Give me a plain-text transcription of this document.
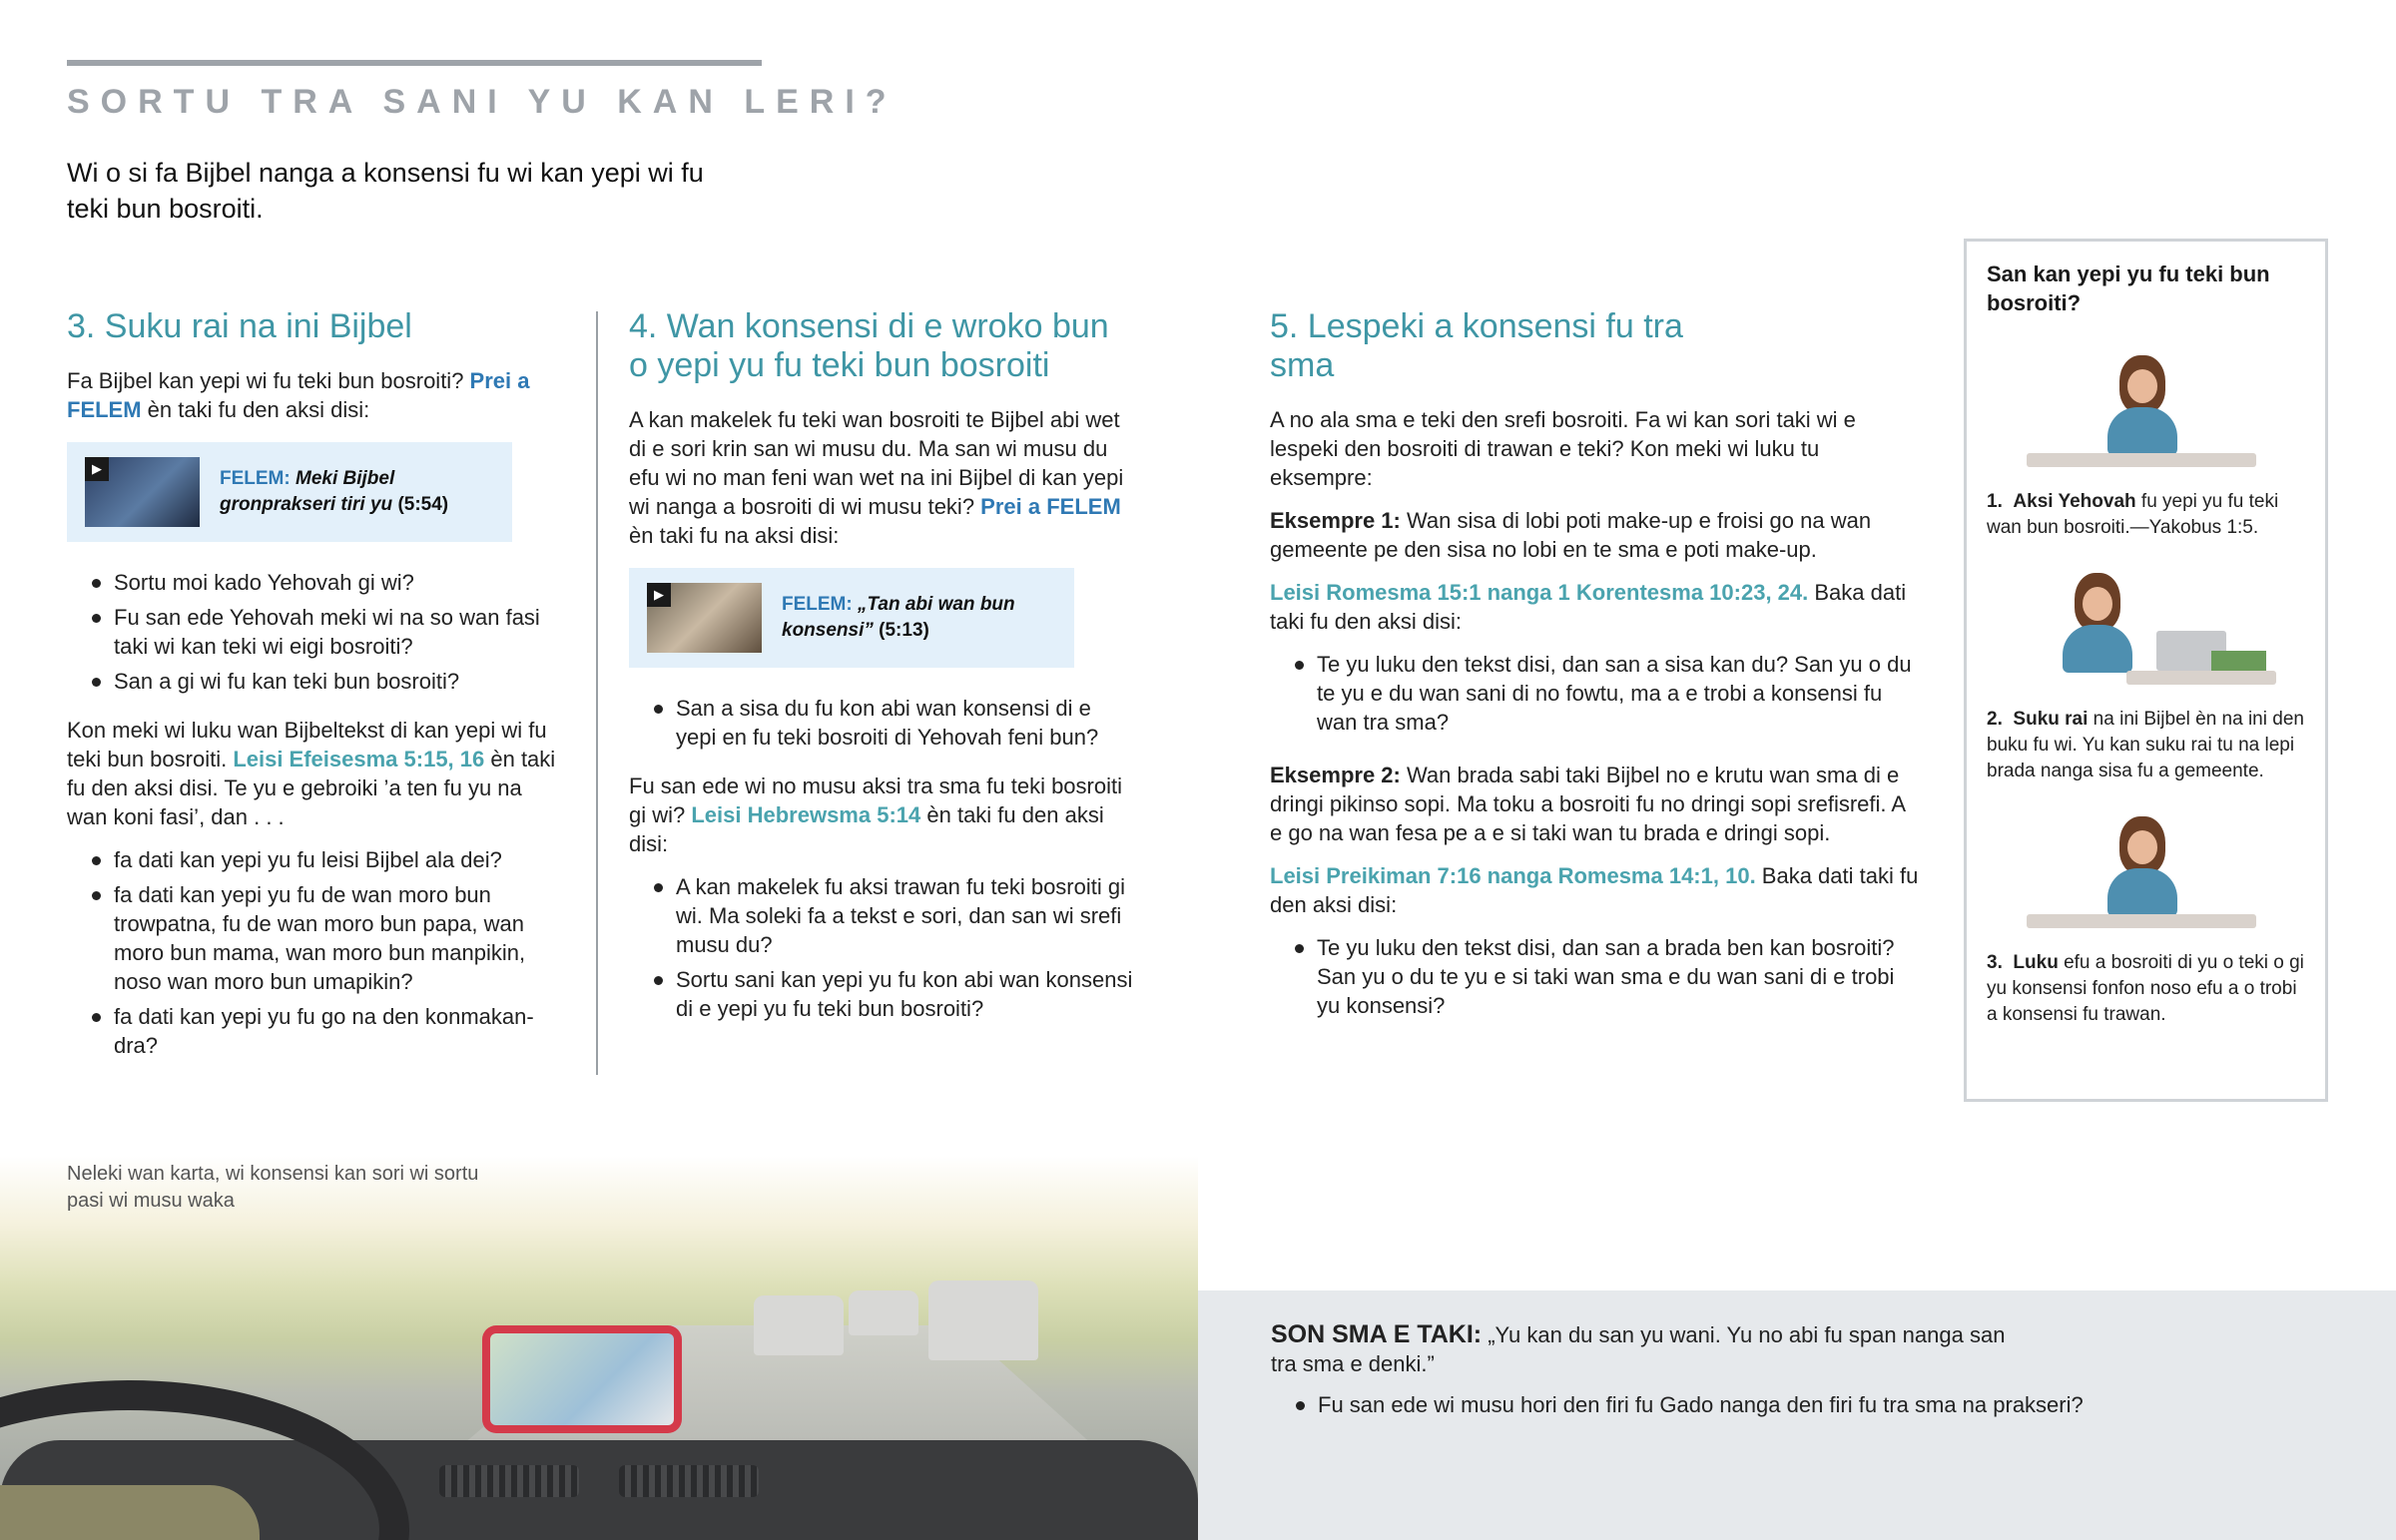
SORTU TRA SANI YU KAN LERI?
Wi o si fa Bijbel nanga a konsensi fu wi kan yepi wi fu teki bun bosroiti.
3. Suku rai na ini Bijbel

Fa Bijbel kan yepi wi fu teki bun bosroiti? Prei a FELEM èn taki fu den aksi disi:

▶	FELEM: Meki Bijbel gronprakseri tiri yu (5:54)
Sortu moi kado Yehovah gi wi?
Fu san ede Yehovah meki wi na so wan fasi taki wi kan teki wi eigi bosroiti?
San a gi wi fu kan teki bun bosroiti?

Kon meki wi luku wan Bijbeltekst di kan yepi wi fu teki bun bosroiti. Leisi Efeisesma 5:15, 16 èn taki fu den aksi disi. Te yu e gebroiki ’a ten fu yu na wan koni fasi’, dan . . .

fa dati kan yepi yu fu leisi Bijbel ala dei?
fa dati kan yepi yu fu de wan moro bun trowpatna, fu de wan moro bun papa, wan moro bun mama, wan moro bun manpikin, noso wan moro bun umapikin?
fa dati kan yepi yu fu go na den konmakandra?
4. Wan konsensi di e wroko bun o yepi yu fu teki bun bosroiti

A kan makelek fu teki wan bosroiti te Bijbel abi wet di e sori krin san wi musu du. Ma san wi musu du efu wi no man feni wan wet na ini Bijbel di kan yepi wi nanga a bosroiti di wi musu teki? Prei a FELEM èn taki fu na aksi disi:

▶	FELEM: „Tan abi wan bun konsensi” (5:13)
San a sisa du fu kon abi wan konsensi di e yepi en fu teki bosroiti di Yehovah feni bun?

Fu san ede wi no musu aksi tra sma fu teki bosroiti gi wi? Leisi Hebrewsma 5:14 èn taki fu den aksi disi:

A kan makelek fu aksi trawan fu teki bosroiti gi wi. Ma soleki fa a tekst e sori, dan san wi srefi musu du?
Sortu sani kan yepi yu fu kon abi wan konsensi di e yepi yu fu teki bun bosroiti?
5. Lespeki a konsensi fu tra sma

A no ala sma e teki den srefi bosroiti. Fa wi kan sori taki wi e lespeki den bosroiti di trawan e teki? Kon meki wi luku tu eksempre:

Eksempre 1: Wan sisa di lobi poti make-up e froisi go na wan gemeente pe den sisa no lobi en te sma e poti make-up.

Leisi Romesma 15:1 nanga 1 Korentesma 10:23, 24. Baka dati taki fu den aksi disi:

Te yu luku den tekst disi, dan san a sisa kan du? San yu o du te yu e du wan sani di no fowtu, ma a e trobi a konsensi fu wan tra sma?

Eksempre 2: Wan brada sabi taki Bijbel no e krutu wan sma di e dringi pikinso sopi. Ma toku a bosroiti fu no dringi sopi srefisrefi. A e go na wan fesa pe a e si taki wan tu brada e dringi sopi.

Leisi Preikiman 7:16 nanga Romesma 14:1, 10. Baka dati taki fu den aksi disi:

Te yu luku den tekst disi, dan san a brada ben kan bosroiti? San yu o du te yu e si taki wan sma e du wan sani di e trobi yu konsensi?
San kan yepi yu fu teki bun bosroiti?
1. Aksi Yehovah fu yepi yu fu teki wan bun bosroiti.—Yakobus 1:5.
2. Suku rai na ini Bijbel èn na ini den buku fu wi. Yu kan suku rai tu na lepi brada nanga sisa fu a gemeente.
3. Luku efu a bosroiti di yu o teki o gi yu konsensi fonfon noso efu a o trobi a konsensi fu trawan.
Neleki wan karta, wi konsensi kan sori wi sortu pasi wi musu waka
SON SMA E TAKI: „Yu kan du san yu wani. Yu no abi fu span nanga san tra sma e denki.”
Fu san ede wi musu hori den firi fu Gado nanga den firi fu tra sma na prakseri?
